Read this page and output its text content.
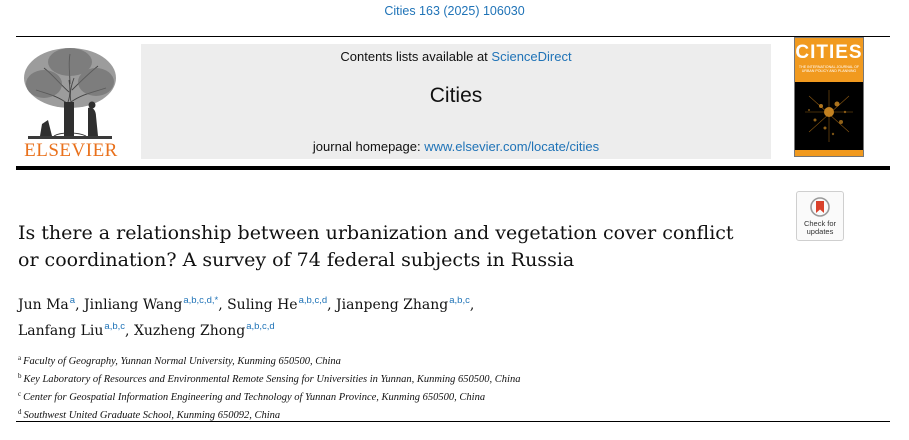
Cities 163 (2025) 106030
ELSEVIER
Contents lists available at ScienceDirect
Cities
journal homepage: www.elsevier.com/locate/cities
CITIES
THE INTERNATIONAL JOURNAL OF URBAN POLICY AND PLANNING
Check for
updates
Is there a relationship between urbanization and vegetation cover conflict
or coordination? A survey of 74 federal subjects in Russia
Jun Ma$^a$, Jinliang Wang$^{a,b,c,d,*}$, Suling He$^{a,b,c,d}$, Jianpeng Zhang$^{a,b,c}$,
Lanfang Liu$^{a,b,c}$, Xuzheng Zhong$^{a,b,c,d}$
$^a$ Faculty of Geography, Yunnan Normal University, Kunming 650500, China
$^b$ Key Laboratory of Resources and Environmental Remote Sensing for Universities in Yunnan, Kunming 650500, China
$^c$ Center for Geospatial Information Engineering and Technology of Yunnan Province, Kunming 650500, China
$^d$ Southwest United Graduate School, Kunming 650092, China
